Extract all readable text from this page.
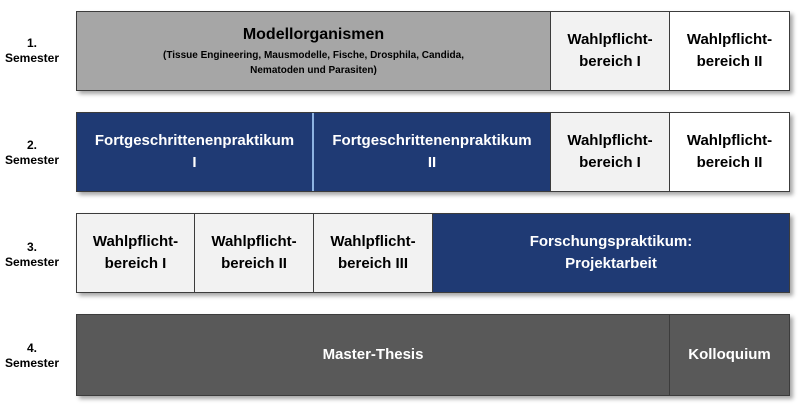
1.
Semester
Modellorganismen
(Tissue Engineering, Mausmodelle, Fische, Drosphila, Candida,
Nematoden und Parasiten)
Wahlpflicht-
bereich I
Wahlpflicht-
bereich II
2.
Semester
Fortgeschrittenenpraktikum
I
Fortgeschrittenenpraktikum
II
Wahlpflicht-
bereich I
Wahlpflicht-
bereich II
3.
Semester
Wahlpflicht-
bereich I
Wahlpflicht-
bereich II
Wahlpflicht-
bereich III
Forschungspraktikum:
Projektarbeit
4.
Semester	Master-Thesis	Kolloquium
